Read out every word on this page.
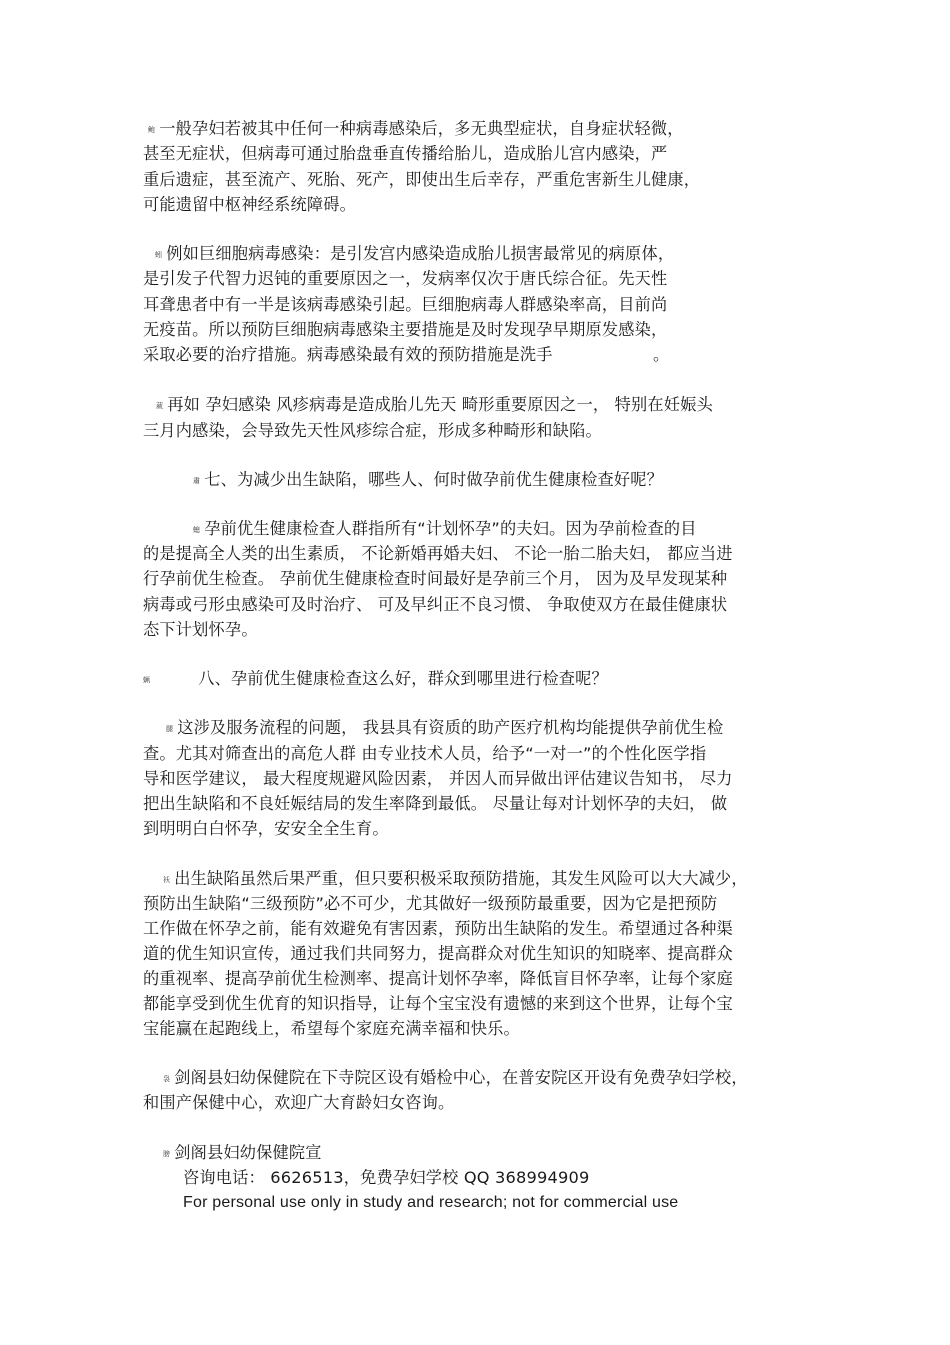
鲍 一般孕妇若被其中任何一种病毒感染后，多无典型症状，自身症状轻微，
甚至无症状，但病毒可通过胎盘垂直传播给胎儿，造成胎儿宫内感染，严
重后遗症，甚至流产、死胎、死产，即使出生后幸存，严重危害新生儿健康，
可能遗留中枢神经系统障碍。
蚓 例如巨细胞病毒感染：是引发宫内感染造成胎儿损害最常见的病原体，
是引发子代智力迟钝的重要原因之一，发病率仅次于唐氏综合征。先天性
耳聋患者中有一半是该病毒感染引起。巨细胞病毒人群感染率高，目前尚
无疫苗。所以预防巨细胞病毒感染主要措施是及时发现孕早期原发感染，
采取必要的治疗措施。病毒感染最有效的预防措施是洗手	。
葳 再如 孕妇感染 风疹病毒是造成胎儿先天 畸形重要原因之一， 特别在妊娠头
三月内感染，会导致先天性风疹综合症，形成多种畸形和缺陷。
肅 七、为减少出生缺陷，哪些人、何时做孕前优生健康检查好呢？
螅 孕前优生健康检查人群指所有“计划怀孕”的夫妇。因为孕前检查的目
的是提高全人类的出生素质， 不论新婚再婚夫妇、 不论一胎二胎夫妇， 都应当进
行孕前优生检查。 孕前优生健康检查时间最好是孕前三个月， 因为及早发现某种
病毒或弓形虫感染可及时治疗、 可及早纠正不良习惯、 争取使双方在最佳健康状
态下计划怀孕。
蝋	八、孕前优生健康检查这么好，群众到哪里进行检查呢？
腿 这涉及服务流程的问题， 我县具有资质的助产医疗机构均能提供孕前优生检
查。尤其对筛查出的高危人群 由专业技术人员，给予“一对一”的个性化医学指
导和医学建议， 最大程度规避风险因素， 并因人而异做出评估建议告知书， 尽力
把出生缺陷和不良妊娠结局的发生率降到最低。 尽量让每对计划怀孕的夫妇， 做
到明明白白怀孕，安安全全生育。
袄 出生缺陷虽然后果严重，但只要积极采取预防措施，其发生风险可以大大减少，
预防出生缺陷“三级预防”必不可少，尤其做好一级预防最重要，因为它是把预防
工作做在怀孕之前，能有效避免有害因素，预防出生缺陷的发生。希望通过各种渠
道的优生知识宣传，通过我们共同努力，提高群众对优生知识的知晓率、提高群众
的重视率、提高孕前优生检测率、提高计划怀孕率，降低盲目怀孕率，让每个家庭
都能享受到优生优育的知识指导，让每个宝宝没有遗憾的来到这个世界，让每个宝
宝能赢在起跑线上，希望每个家庭充满幸福和快乐。
袅 剑阁县妇幼保健院在下寺院区设有婚检中心，在普安院区开设有免费孕妇学校，
和围产保健中心，欢迎广大育龄妇女咨询。
膀 剑阁县妇幼保健院宣
咨询电话： 6626513，免费孕妇学校 QQ 368994909
For personal use only in study and research; not for commercial use
